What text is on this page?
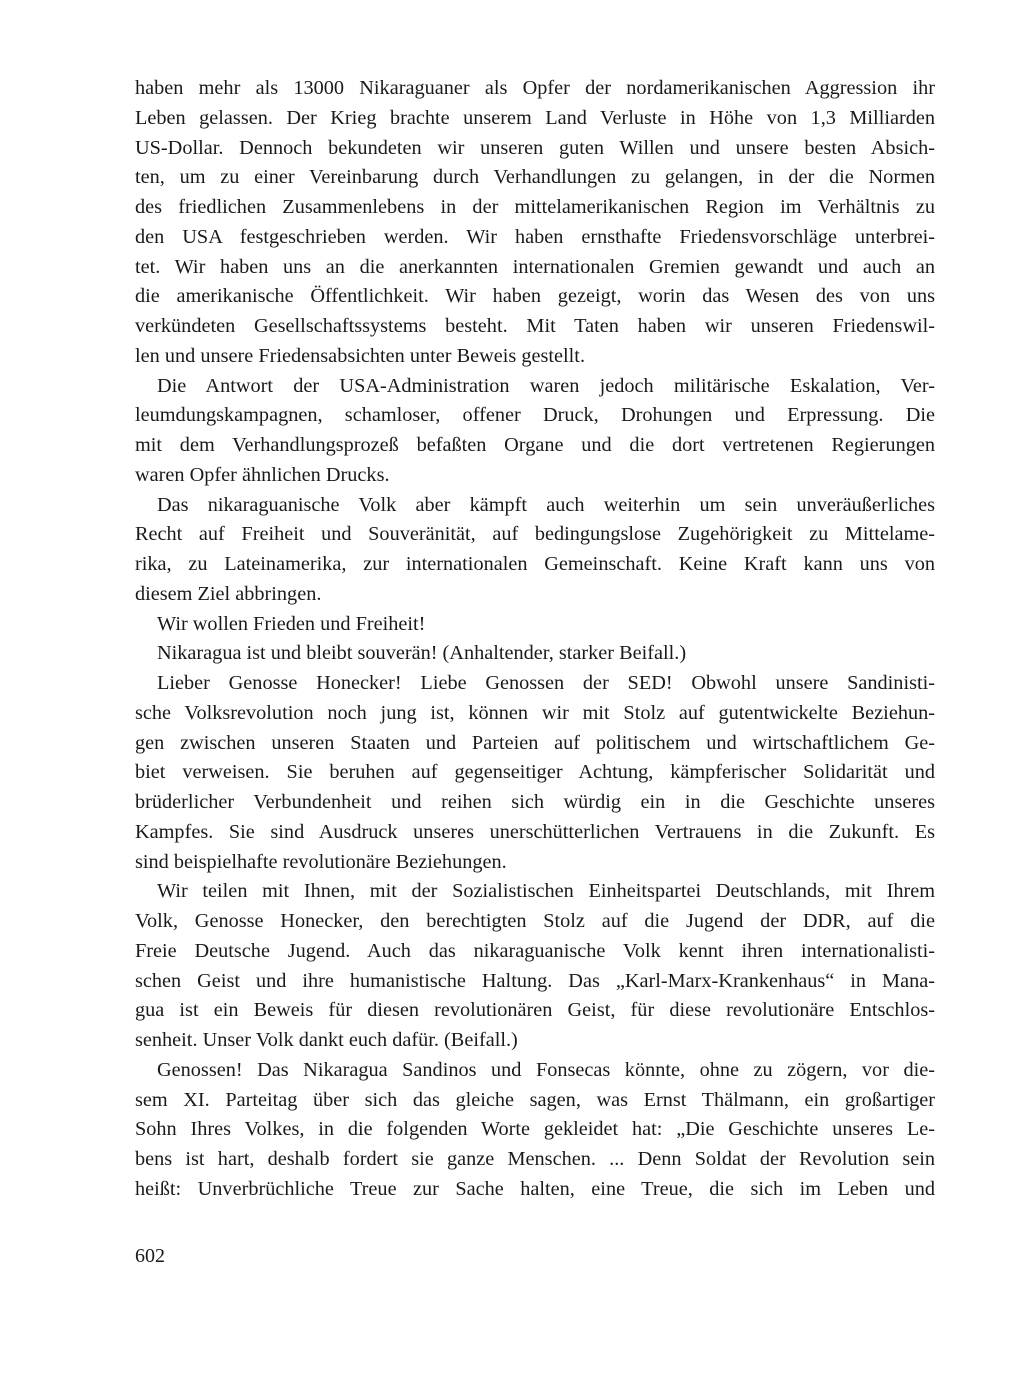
haben mehr als 13000 Nikaraguaner als Opfer der nordamerikanischen Aggression ihr
Leben gelassen. Der Krieg brachte unserem Land Verluste in Höhe von 1,3 Milliarden
US-Dollar. Dennoch bekundeten wir unseren guten Willen und unsere besten Absich-
ten, um zu einer Vereinbarung durch Verhandlungen zu gelangen, in der die Normen
des friedlichen Zusammenlebens in der mittelamerikanischen Region im Verhältnis zu
den USA festgeschrieben werden. Wir haben ernsthafte Friedensvorschläge unterbrei-
tet. Wir haben uns an die anerkannten internationalen Gremien gewandt und auch an
die amerikanische Öffentlichkeit. Wir haben gezeigt, worin das Wesen des von uns
verkündeten Gesellschaftssystems besteht. Mit Taten haben wir unseren Friedenswil-
len und unsere Friedensabsichten unter Beweis gestellt.
Die Antwort der USA-Administration waren jedoch militärische Eskalation, Ver-
leumdungskampagnen, schamloser, offener Druck, Drohungen und Erpressung. Die
mit dem Verhandlungsprozeß befaßten Organe und die dort vertretenen Regierungen
waren Opfer ähnlichen Drucks.
Das nikaraguanische Volk aber kämpft auch weiterhin um sein unveräußerliches
Recht auf Freiheit und Souveränität, auf bedingungslose Zugehörigkeit zu Mittelame-
rika, zu Lateinamerika, zur internationalen Gemeinschaft. Keine Kraft kann uns von
diesem Ziel abbringen.
Wir wollen Frieden und Freiheit!
Nikaragua ist und bleibt souverän! (Anhaltender, starker Beifall.)
Lieber Genosse Honecker! Liebe Genossen der SED! Obwohl unsere Sandinisti-
sche Volksrevolution noch jung ist, können wir mit Stolz auf gutentwickelte Beziehun-
gen zwischen unseren Staaten und Parteien auf politischem und wirtschaftlichem Ge-
biet verweisen. Sie beruhen auf gegenseitiger Achtung, kämpferischer Solidarität und
brüderlicher Verbundenheit und reihen sich würdig ein in die Geschichte unseres
Kampfes. Sie sind Ausdruck unseres unerschütterlichen Vertrauens in die Zukunft. Es
sind beispielhafte revolutionäre Beziehungen.
Wir teilen mit Ihnen, mit der Sozialistischen Einheitspartei Deutschlands, mit Ihrem
Volk, Genosse Honecker, den berechtigten Stolz auf die Jugend der DDR, auf die
Freie Deutsche Jugend. Auch das nikaraguanische Volk kennt ihren internationalisti-
schen Geist und ihre humanistische Haltung. Das „Karl-Marx-Krankenhaus“ in Mana-
gua ist ein Beweis für diesen revolutionären Geist, für diese revolutionäre Entschlos-
senheit. Unser Volk dankt euch dafür. (Beifall.)
Genossen! Das Nikaragua Sandinos und Fonsecas könnte, ohne zu zögern, vor die-
sem XI. Parteitag über sich das gleiche sagen, was Ernst Thälmann, ein großartiger
Sohn Ihres Volkes, in die folgenden Worte gekleidet hat: „Die Geschichte unseres Le-
bens ist hart, deshalb fordert sie ganze Menschen. ... Denn Soldat der Revolution sein
heißt: Unverbrüchliche Treue zur Sache halten, eine Treue, die sich im Leben und
602
